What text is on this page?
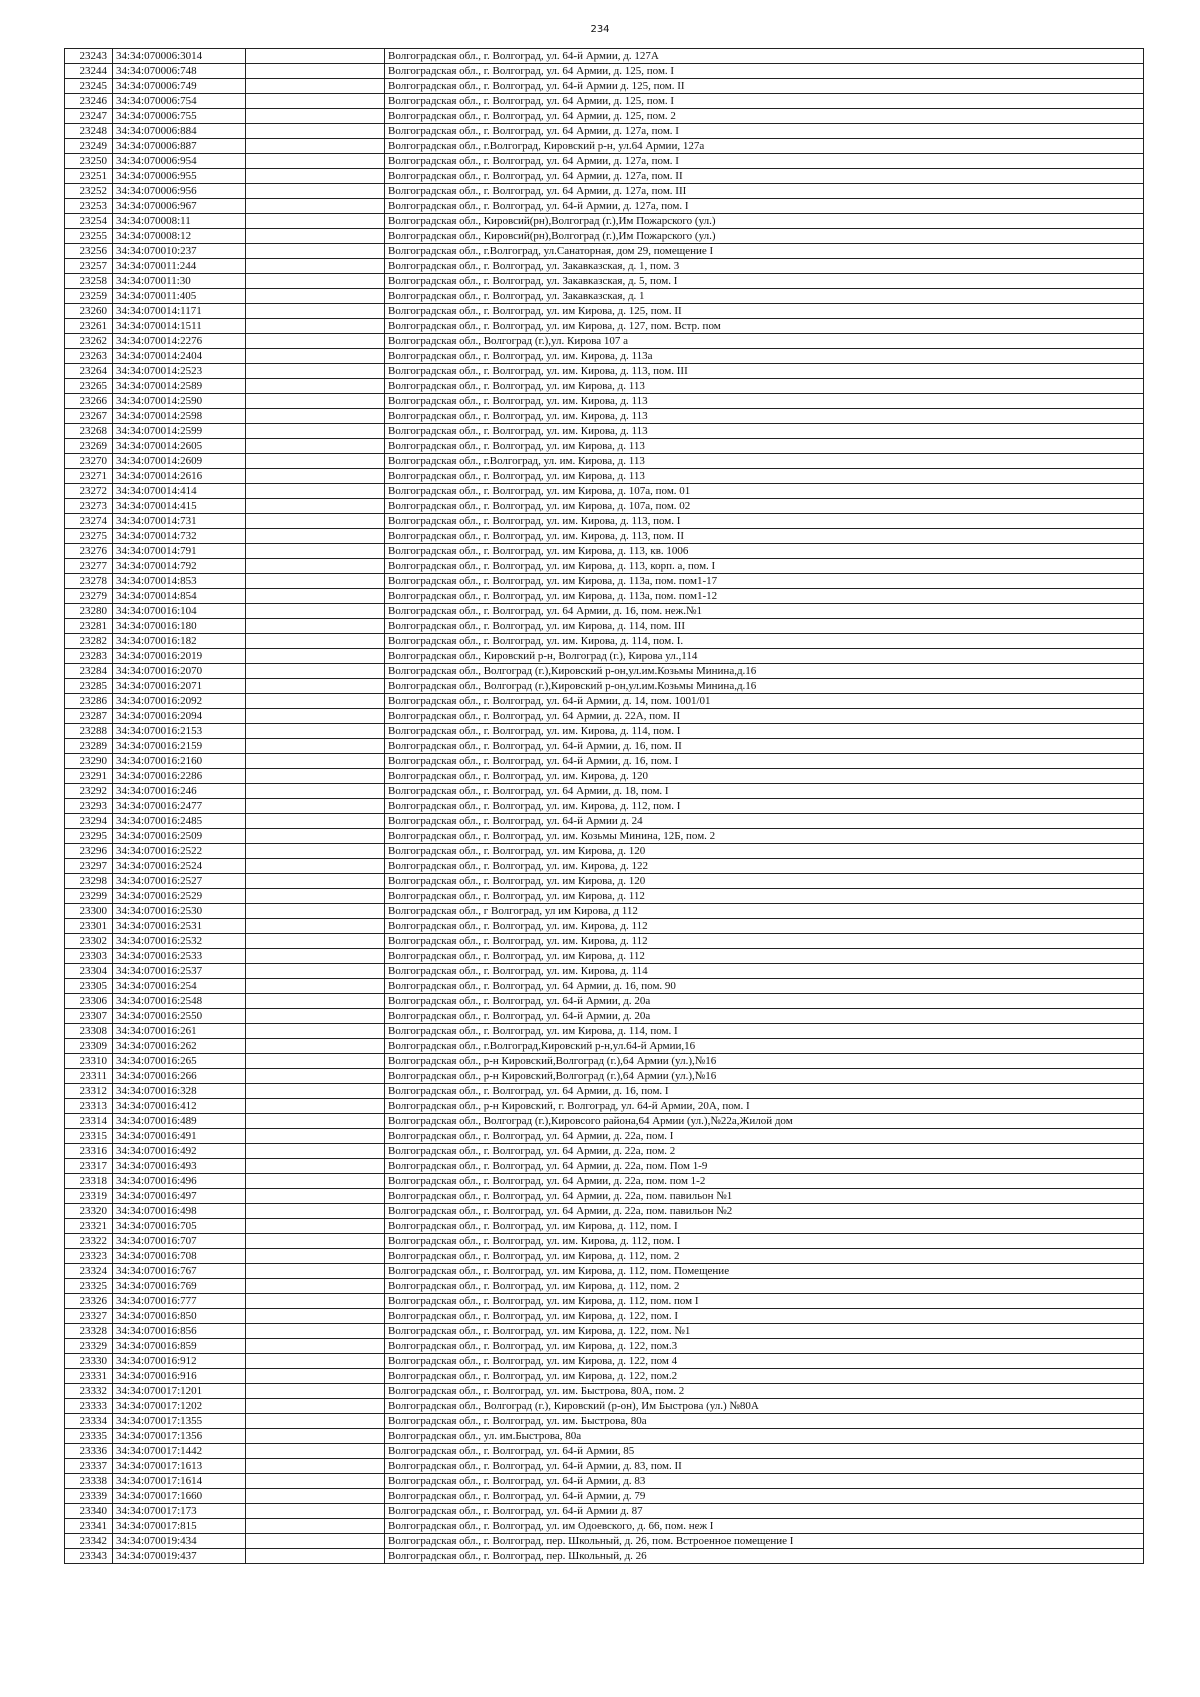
234
23243	34:34:070006:3014		Волгоградская обл., г. Волгоград, ул. 64-й Армии, д. 127А
23244	34:34:070006:748		Волгоградская обл., г. Волгоград, ул. 64 Армии, д. 125, пом. I
23245	34:34:070006:749		Волгоградская обл., г. Волгоград, ул. 64-й Армии д. 125, пом. II
23246	34:34:070006:754		Волгоградская обл., г. Волгоград, ул. 64 Армии, д. 125, пом. I
23247	34:34:070006:755		Волгоградская обл., г. Волгоград, ул. 64 Армии, д. 125, пом. 2
23248	34:34:070006:884		Волгоградская обл., г. Волгоград, ул. 64 Армии, д. 127а, пом. I
23249	34:34:070006:887		Волгоградская обл., г.Волгоград, Кировский р-н, ул.64 Армии, 127а
23250	34:34:070006:954		Волгоградская обл., г. Волгоград, ул. 64 Армии, д. 127а, пом. I
23251	34:34:070006:955		Волгоградская обл., г. Волгоград, ул. 64 Армии, д. 127а, пом. II
23252	34:34:070006:956		Волгоградская обл., г. Волгоград, ул. 64 Армии, д. 127а, пом. III
23253	34:34:070006:967		Волгоградская обл., г. Волгоград, ул. 64-й Армии, д. 127а, пом. I
23254	34:34:070008:11		Волгоградская обл., Кировсий(рн),Волгоград (г.),Им Пожарского (ул.)
23255	34:34:070008:12		Волгоградская обл., Кировсий(рн),Волгоград (г.),Им Пожарского (ул.)
23256	34:34:070010:237		Волгоградская обл., г.Волгоград, ул.Санаторная, дом 29, помещение I
23257	34:34:070011:244		Волгоградская обл., г. Волгоград, ул. Закавказская, д. 1, пом. 3
23258	34:34:070011:30		Волгоградская обл., г. Волгоград, ул. Закавказская, д. 5, пом. I
23259	34:34:070011:405		Волгоградская обл., г. Волгоград, ул. Закавказская, д. 1
23260	34:34:070014:1171		Волгоградская обл., г. Волгоград, ул. им Кирова, д. 125, пом. II
23261	34:34:070014:1511		Волгоградская обл., г. Волгоград, ул. им Кирова, д. 127, пом. Встр. пом
23262	34:34:070014:2276		Волгоградская обл., Волгоград (г.),ул. Кирова 107 а
23263	34:34:070014:2404		Волгоградская обл., г. Волгоград, ул. им. Кирова, д. 113а
23264	34:34:070014:2523		Волгоградская обл., г. Волгоград, ул. им. Кирова, д. 113, пом. III
23265	34:34:070014:2589		Волгоградская обл., г. Волгоград, ул. им Кирова, д. 113
23266	34:34:070014:2590		Волгоградская обл., г. Волгоград, ул. им. Кирова, д. 113
23267	34:34:070014:2598		Волгоградская обл., г. Волгоград, ул. им. Кирова, д. 113
23268	34:34:070014:2599		Волгоградская обл., г. Волгоград, ул. им. Кирова, д. 113
23269	34:34:070014:2605		Волгоградская обл., г. Волгоград, ул. им Кирова, д. 113
23270	34:34:070014:2609		Волгоградская обл., г.Волгоград, ул. им. Кирова, д. 113
23271	34:34:070014:2616		Волгоградская обл., г. Волгоград, ул. им Кирова, д. 113
23272	34:34:070014:414		Волгоградская обл., г. Волгоград, ул. им Кирова, д. 107а, пом. 01
23273	34:34:070014:415		Волгоградская обл., г. Волгоград, ул. им Кирова, д. 107а, пом. 02
23274	34:34:070014:731		Волгоградская обл., г. Волгоград, ул. им. Кирова, д. 113, пом. I
23275	34:34:070014:732		Волгоградская обл., г. Волгоград, ул. им. Кирова, д. 113, пом. II
23276	34:34:070014:791		Волгоградская обл., г. Волгоград, ул. им Кирова, д. 113, кв. 1006
23277	34:34:070014:792		Волгоградская обл., г. Волгоград, ул. им Кирова, д. 113, корп. а, пом. I
23278	34:34:070014:853		Волгоградская обл., г. Волгоград, ул. им Кирова, д. 113а, пом. пом1-17
23279	34:34:070014:854		Волгоградская обл., г. Волгоград, ул. им Кирова, д. 113а, пом. пом1-12
23280	34:34:070016:104		Волгоградская обл., г. Волгоград, ул. 64 Армии, д. 16, пом. неж.№1
23281	34:34:070016:180		Волгоградская обл., г. Волгоград, ул. им Кирова, д. 114, пом. III
23282	34:34:070016:182		Волгоградская обл., г. Волгоград, ул. им. Кирова, д. 114, пом. I.
23283	34:34:070016:2019		Волгоградская обл., Кировский р-н, Волгоград (г.), Кирова ул.,114
23284	34:34:070016:2070		Волгоградская обл., Волгоград (г.),Кировский р-он,ул.им.Козьмы Минина,д.16
23285	34:34:070016:2071		Волгоградская обл., Волгоград (г.),Кировский р-он,ул.им.Козьмы Минина,д.16
23286	34:34:070016:2092		Волгоградская обл., г. Волгоград, ул. 64-й Армии, д. 14, пом. 1001/01
23287	34:34:070016:2094		Волгоградская обл., г. Волгоград, ул. 64 Армии, д. 22А, пом. II
23288	34:34:070016:2153		Волгоградская обл., г. Волгоград, ул. им. Кирова, д. 114, пом. I
23289	34:34:070016:2159		Волгоградская обл., г. Волгоград, ул. 64-й Армии, д. 16, пом. II
23290	34:34:070016:2160		Волгоградская обл., г. Волгоград, ул. 64-й Армии, д. 16, пом. I
23291	34:34:070016:2286		Волгоградская обл., г. Волгоград, ул. им. Кирова, д. 120
23292	34:34:070016:246		Волгоградская обл., г. Волгоград, ул. 64 Армии, д. 18, пом. I
23293	34:34:070016:2477		Волгоградская обл., г. Волгоград, ул. им. Кирова, д. 112, пом. I
23294	34:34:070016:2485		Волгоградская обл., г. Волгоград, ул. 64-й Армии д. 24
23295	34:34:070016:2509		Волгоградская обл., г. Волгоград, ул. им. Козьмы Минина, 12Б, пом. 2
23296	34:34:070016:2522		Волгоградская обл., г. Волгоград, ул. им Кирова, д. 120
23297	34:34:070016:2524		Волгоградская обл., г. Волгоград, ул. им. Кирова, д. 122
23298	34:34:070016:2527		Волгоградская обл., г. Волгоград, ул. им Кирова, д. 120
23299	34:34:070016:2529		Волгоградская обл., г. Волгоград, ул. им Кирова, д. 112
23300	34:34:070016:2530		Волгоградская обл., г Волгоград, ул им Кирова, д 112
23301	34:34:070016:2531		Волгоградская обл., г. Волгоград, ул. им. Кирова, д. 112
23302	34:34:070016:2532		Волгоградская обл., г. Волгоград, ул. им. Кирова, д. 112
23303	34:34:070016:2533		Волгоградская обл., г. Волгоград, ул. им Кирова, д. 112
23304	34:34:070016:2537		Волгоградская обл., г. Волгоград, ул. им. Кирова, д. 114
23305	34:34:070016:254		Волгоградская обл., г. Волгоград, ул. 64 Армии, д. 16, пом. 90
23306	34:34:070016:2548		Волгоградская обл., г. Волгоград, ул. 64-й Армии, д. 20а
23307	34:34:070016:2550		Волгоградская обл., г. Волгоград, ул. 64-й Армии, д. 20а
23308	34:34:070016:261		Волгоградская обл., г. Волгоград, ул. им Кирова, д. 114, пом. I
23309	34:34:070016:262		Волгоградская обл., г.Волгоград,Кировский р-н,ул.64-й Армии,16
23310	34:34:070016:265		Волгоградская обл., р-н Кировский,Волгоград (г.),64 Армии (ул.),№16
23311	34:34:070016:266		Волгоградская обл., р-н Кировский,Волгоград (г.),64 Армии (ул.),№16
23312	34:34:070016:328		Волгоградская обл., г. Волгоград, ул. 64 Армии, д. 16, пом. I
23313	34:34:070016:412		Волгоградская обл., р-н Кировский, г. Волгоград, ул. 64-й Армии, 20А, пом. I
23314	34:34:070016:489		Волгоградская обл., Волгоград (г.),Кировсого района,64 Армии (ул.),№22а,Жилой дом
23315	34:34:070016:491		Волгоградская обл., г. Волгоград, ул. 64 Армии, д. 22а, пом. I
23316	34:34:070016:492		Волгоградская обл., г. Волгоград, ул. 64 Армии, д. 22а, пом. 2
23317	34:34:070016:493		Волгоградская обл., г. Волгоград, ул. 64 Армии, д. 22а, пом. Пом 1-9
23318	34:34:070016:496		Волгоградская обл., г. Волгоград, ул. 64 Армии, д. 22а, пом. пом 1-2
23319	34:34:070016:497		Волгоградская обл., г. Волгоград, ул. 64 Армии, д. 22а, пом. павильон №1
23320	34:34:070016:498		Волгоградская обл., г. Волгоград, ул. 64 Армии, д. 22а, пом. павильон №2
23321	34:34:070016:705		Волгоградская обл., г. Волгоград, ул. им Кирова, д. 112, пом. I
23322	34:34:070016:707		Волгоградская обл., г. Волгоград, ул. им. Кирова, д. 112, пом. I
23323	34:34:070016:708		Волгоградская обл., г. Волгоград, ул. им Кирова, д. 112, пом. 2
23324	34:34:070016:767		Волгоградская обл., г. Волгоград, ул. им Кирова, д. 112, пом. Помещение
23325	34:34:070016:769		Волгоградская обл., г. Волгоград, ул. им Кирова, д. 112, пом. 2
23326	34:34:070016:777		Волгоградская обл., г. Волгоград, ул. им Кирова, д. 112, пом. пом I
23327	34:34:070016:850		Волгоградская обл., г. Волгоград, ул. им Кирова, д. 122, пом. I
23328	34:34:070016:856		Волгоградская обл., г. Волгоград, ул. им Кирова, д. 122, пом. №1
23329	34:34:070016:859		Волгоградская обл., г. Волгоград, ул. им Кирова, д. 122, пом.3
23330	34:34:070016:912		Волгоградская обл., г. Волгоград, ул. им Кирова, д. 122, пом 4
23331	34:34:070016:916		Волгоградская обл., г. Волгоград, ул. им Кирова, д. 122, пом.2
23332	34:34:070017:1201		Волгоградская обл., г. Волгоград, ул. им. Быстрова, 80А, пом. 2
23333	34:34:070017:1202		Волгоградская обл., Волгоград (г.), Кировский (р-он), Им Быстрова (ул.) №80А
23334	34:34:070017:1355		Волгоградская обл., г. Волгоград, ул. им. Быстрова, 80а
23335	34:34:070017:1356		Волгоградская обл., ул. им.Быстрова, 80а
23336	34:34:070017:1442		Волгоградская обл., г. Волгоград, ул. 64-й Армии, 85
23337	34:34:070017:1613		Волгоградская обл., г. Волгоград, ул. 64-й Армии, д. 83, пом. II
23338	34:34:070017:1614		Волгоградская обл., г. Волгоград, ул. 64-й Армии, д. 83
23339	34:34:070017:1660		Волгоградская обл., г. Волгоград, ул. 64-й Армии, д. 79
23340	34:34:070017:173		Волгоградская обл., г. Волгоград, ул. 64-й Армии д. 87
23341	34:34:070017:815		Волгоградская обл., г. Волгоград, ул. им Одоевского, д. 66, пом. неж I
23342	34:34:070019:434		Волгоградская обл., г. Волгоград, пер. Школьный, д. 26, пом. Встроенное помещение I
23343	34:34:070019:437		Волгоградская обл., г. Волгоград, пер. Школьный, д. 26
